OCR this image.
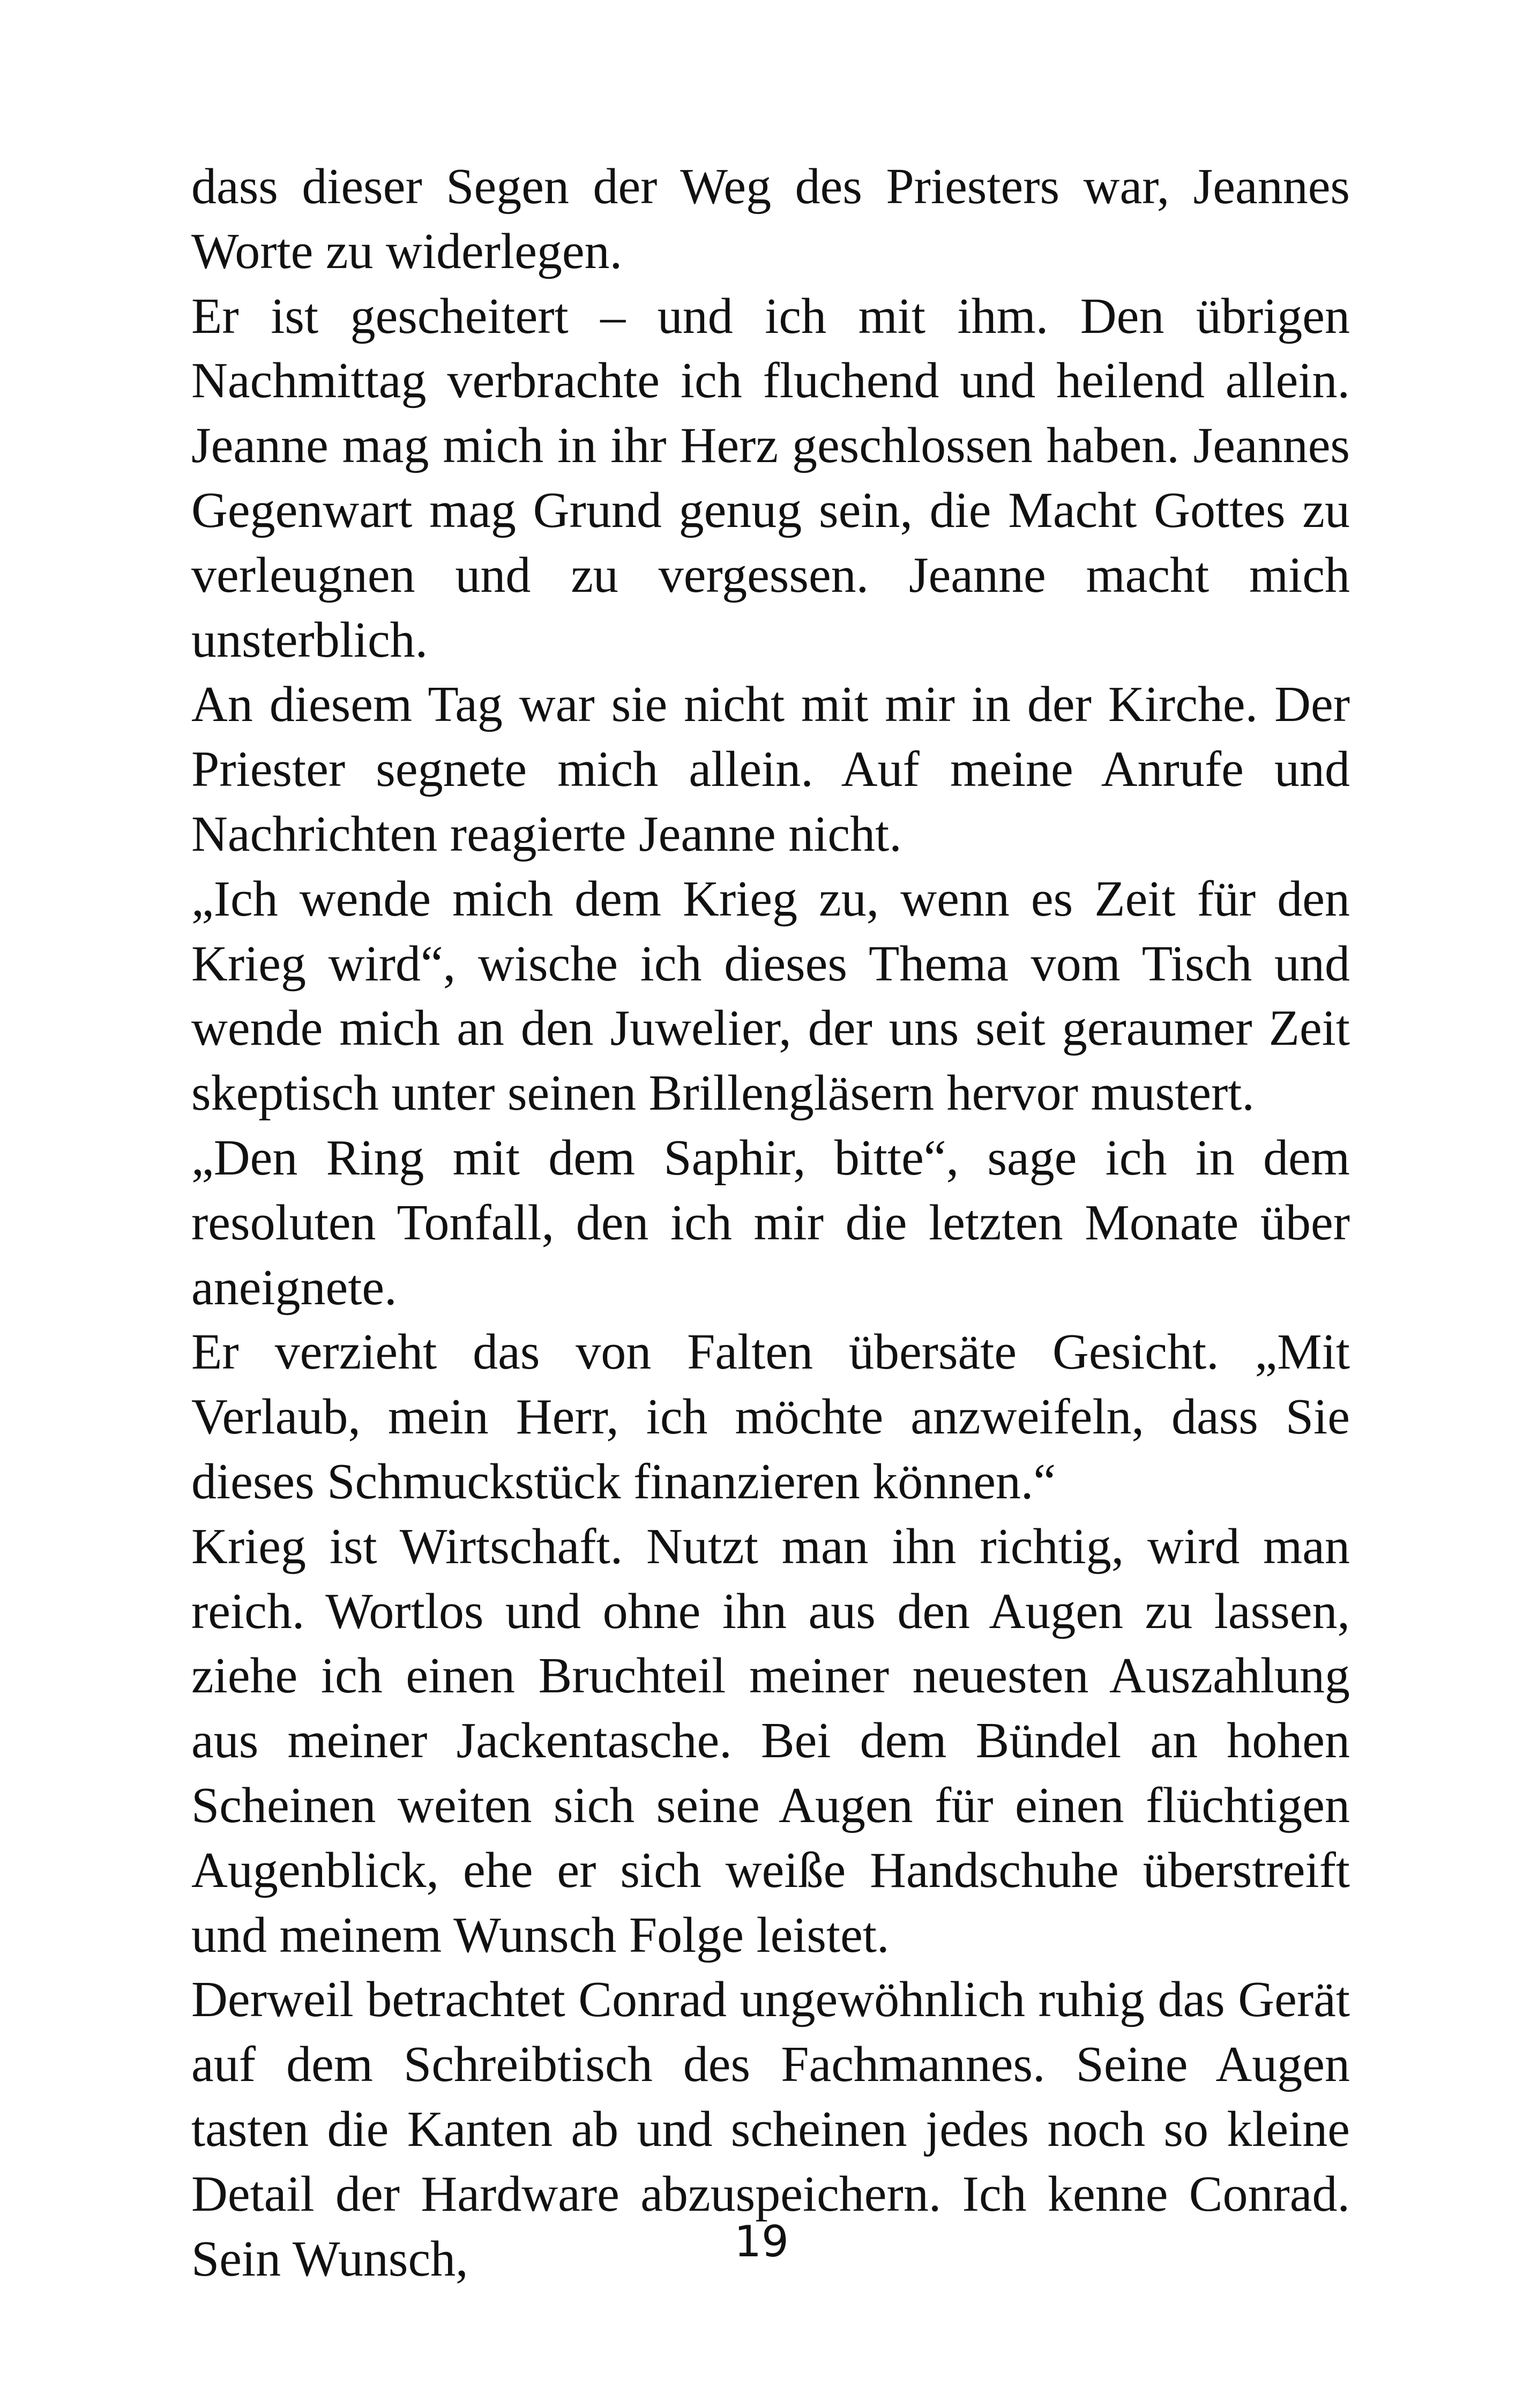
dass dieser Segen der Weg des Priesters war, Jeannes Worte zu widerlegen.

Er ist gescheitert – und ich mit ihm. Den übrigen Nachmittag verbrachte ich fluchend und heilend allein. Jeanne mag mich in ihr Herz geschlossen haben. Jeannes Gegenwart mag Grund genug sein, die Macht Gottes zu verleugnen und zu vergessen. Jeanne macht mich unsterblich.

An diesem Tag war sie nicht mit mir in der Kirche. Der Priester segnete mich allein. Auf meine Anrufe und Nachrichten reagierte Jeanne nicht.

„Ich wende mich dem Krieg zu, wenn es Zeit für den Krieg wird“, wische ich dieses Thema vom Tisch und wende mich an den Juwelier, der uns seit geraumer Zeit skeptisch unter seinen Brillengläsern hervor mustert.

„Den Ring mit dem Saphir, bitte“, sage ich in dem resoluten Tonfall, den ich mir die letzten Monate über aneignete.

Er verzieht das von Falten übersäte Gesicht. „Mit Verlaub, mein Herr, ich möchte anzweifeln, dass Sie dieses Schmuckstück finanzieren können.“

Krieg ist Wirtschaft. Nutzt man ihn richtig, wird man reich. Wortlos und ohne ihn aus den Augen zu lassen, ziehe ich einen Bruchteil meiner neuesten Auszahlung aus meiner Jackentasche. Bei dem Bündel an hohen Scheinen weiten sich seine Augen für einen flüchtigen Augenblick, ehe er sich weiße Handschuhe überstreift und meinem Wunsch Folge leistet.

Derweil betrachtet Conrad ungewöhnlich ruhig das Gerät auf dem Schreibtisch des Fachmannes. Seine Augen tasten die Kanten ab und scheinen jedes noch so kleine Detail der Hardware abzuspeichern. Ich kenne Conrad. Sein Wunsch,	19
